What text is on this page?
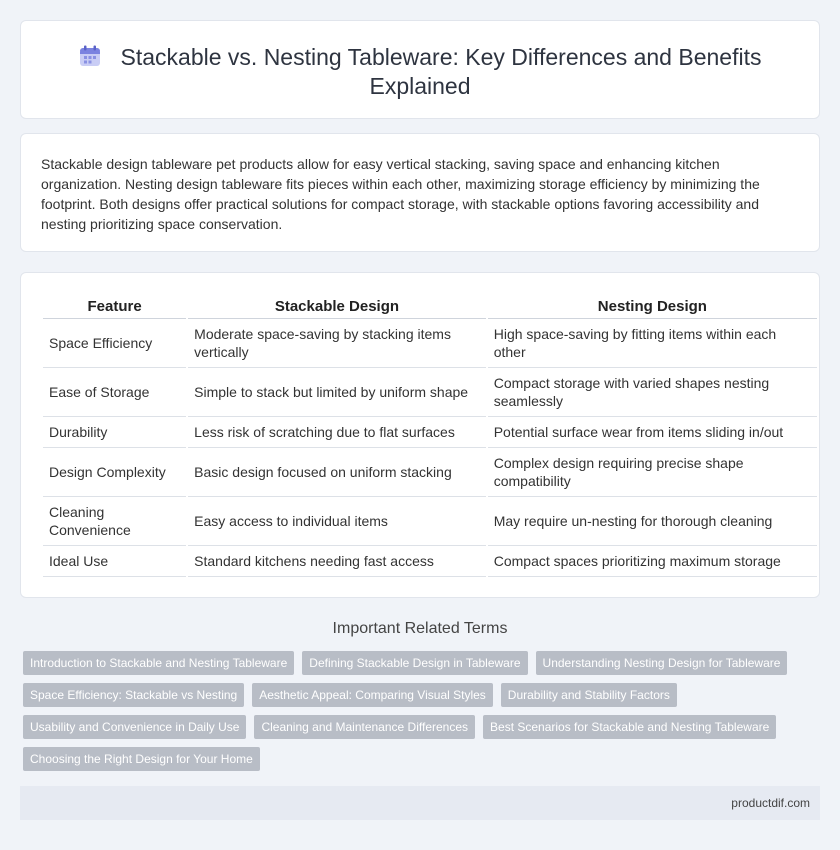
Stackable vs. Nesting Tableware: Key Differences and Benefits Explained

Stackable design tableware pet products allow for easy vertical stacking, saving space and enhancing kitchen organization. Nesting design tableware fits pieces within each other, maximizing storage efficiency by minimizing the footprint. Both designs offer practical solutions for compact storage, with stackable options favoring accessibility and nesting prioritizing space conservation.

Feature	Stackable Design	Nesting Design
Space Efficiency	Moderate space-saving by stacking items vertically	High space-saving by fitting items within each other
Ease of Storage	Simple to stack but limited by uniform shape	Compact storage with varied shapes nesting seamlessly
Durability	Less risk of scratching due to flat surfaces	Potential surface wear from items sliding in/out
Design Complexity	Basic design focused on uniform stacking	Complex design requiring precise shape compatibility
Cleaning Convenience	Easy access to individual items	May require un-nesting for thorough cleaning
Ideal Use	Standard kitchens needing fast access	Compact spaces prioritizing maximum storage
Important Related Terms
Introduction to Stackable and Nesting Tableware	Defining Stackable Design in Tableware	Understanding Nesting Design for Tableware
Space Efficiency: Stackable vs Nesting	Aesthetic Appeal: Comparing Visual Styles	Durability and Stability Factors
Usability and Convenience in Daily Use	Cleaning and Maintenance Differences	Best Scenarios for Stackable and Nesting Tableware
Choosing the Right Design for Your Home
productdif.com
